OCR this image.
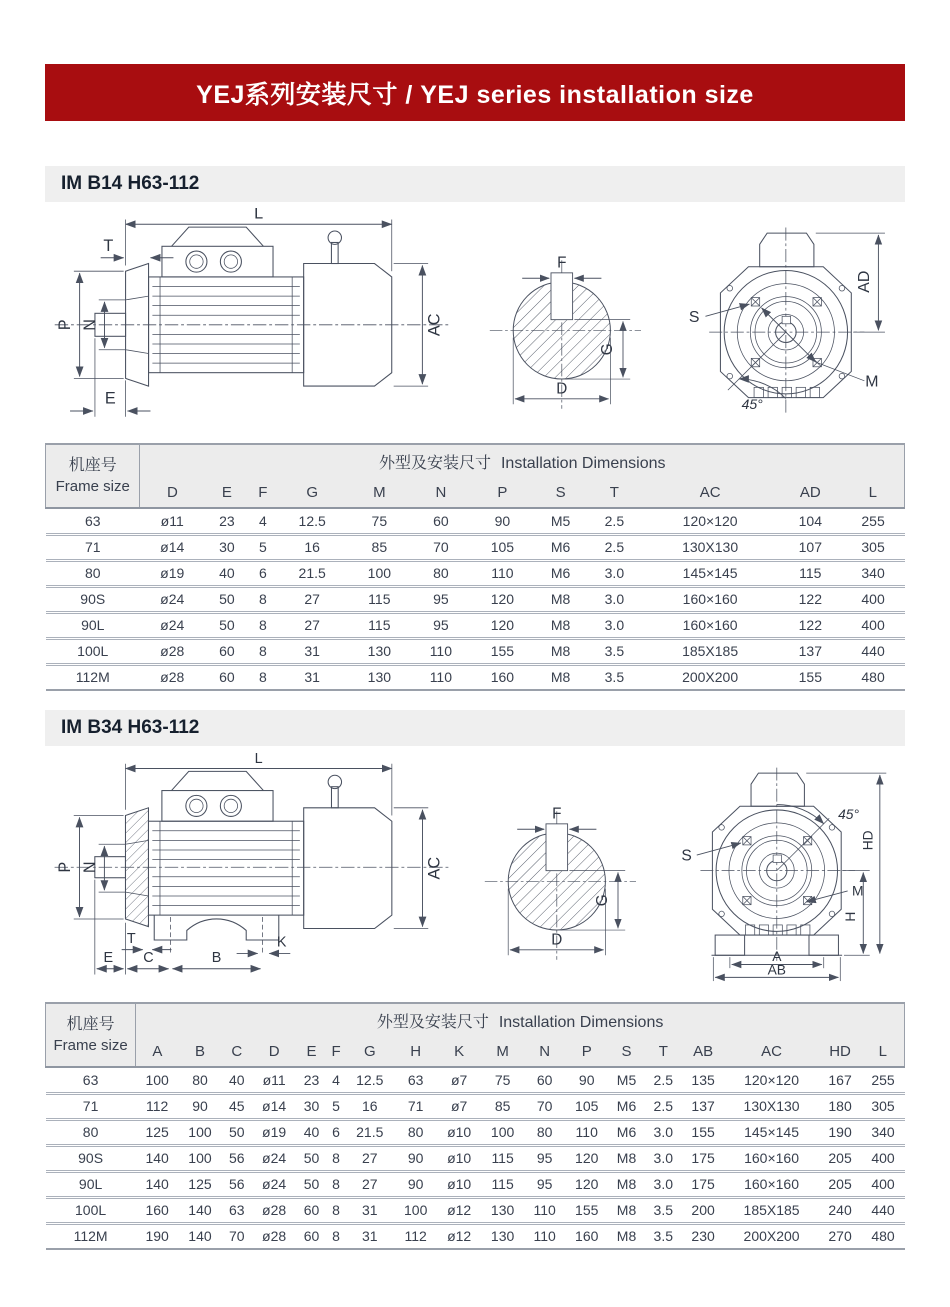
YEJ系列安装尺寸 / YEJ series installation size
IM B14 H63-112
L
T
P N
E
AC
F
G
D
S
M
AD
45°
机座号
Frame size	外型及安装尺寸 Installation Dimensions											
	D	E	F	G	M	N	P	S	T	AC	AD	L
63	ø11	23	4	12.5	75	60	90	M5	2.5	120×120	104	255
71	ø14	30	5	16	85	70	105	M6	2.5	130X130	107	305
80	ø19	40	6	21.5	100	80	110	M6	3.0	145×145	115	340
90S	ø24	50	8	27	115	95	120	M8	3.0	160×160	122	400
90L	ø24	50	8	27	115	95	120	M8	3.0	160×160	122	400
100L	ø28	60	8	31	130	110	155	M8	3.5	185X185	137	440
112M	ø28	60	8	31	130	110	160	M8	3.5	200X200	155	480
IM B34 H63-112
L
P N	AC
T
E C	B
K
F
G
D
S
M
45°
H
HD
A
AB
机座号
Frame size	外型及安装尺寸 Installation Dimensions																	
	A	B	C	D	E	F	G	H	K	M	N	P	S	T	AB	AC	HD	L
63	100	80	40	ø11	23	4	12.5	63	ø7	75	60	90	M5	2.5	135	120×120	167	255
71	112	90	45	ø14	30	5	16	71	ø7	85	70	105	M6	2.5	137	130X130	180	305
80	125	100	50	ø19	40	6	21.5	80	ø10	100	80	110	M6	3.0	155	145×145	190	340
90S	140	100	56	ø24	50	8	27	90	ø10	115	95	120	M8	3.0	175	160×160	205	400
90L	140	125	56	ø24	50	8	27	90	ø10	115	95	120	M8	3.0	175	160×160	205	400
100L	160	140	63	ø28	60	8	31	100	ø12	130	110	155	M8	3.5	200	185X185	240	440
112M	190	140	70	ø28	60	8	31	112	ø12	130	110	160	M8	3.5	230	200X200	270	480
